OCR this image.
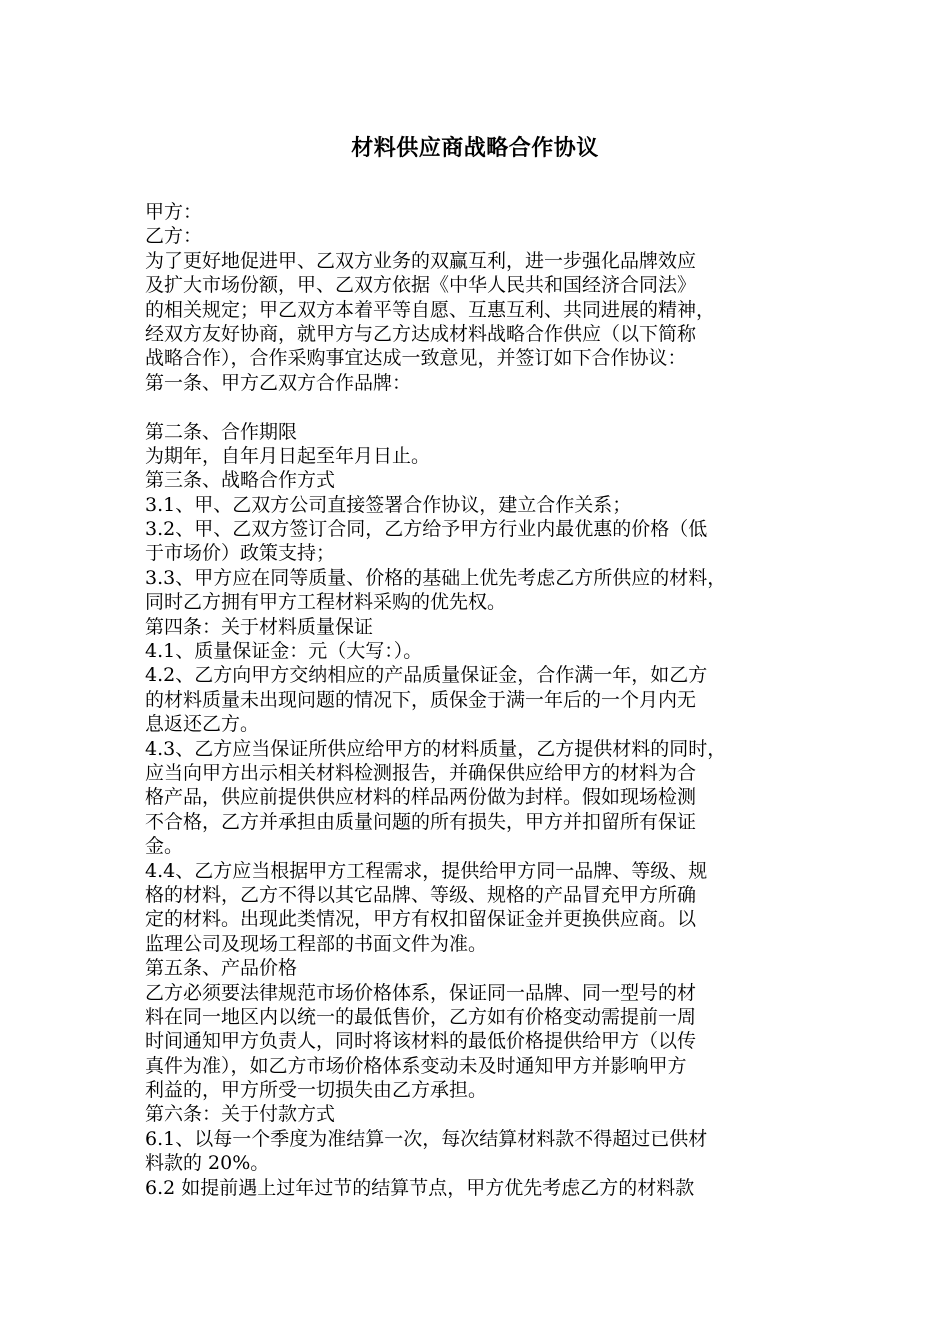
材料供应商战略合作协议
甲方：
乙方：
为了更好地促进甲、乙双方业务的双赢互利，进一步强化品牌效应
及扩大市场份额，甲、乙双方依据《中华人民共和国经济合同法》
的相关规定；甲乙双方本着平等自愿、互惠互利、共同进展的精神，
经双方友好协商，就甲方与乙方达成材料战略合作供应（以下简称
战略合作），合作采购事宜达成一致意见，并签订如下合作协议：
第一条、甲方乙双方合作品牌：
第二条、合作期限
为期年，自年月日起至年月日止。
第三条、战略合作方式
3.1、甲、乙双方公司直接签署合作协议，建立合作关系；
3.2、甲、乙双方签订合同，乙方给予甲方行业内最优惠的价格（低
于市场价）政策支持；
3.3、甲方应在同等质量、价格的基础上优先考虑乙方所供应的材料，
同时乙方拥有甲方工程材料采购的优先权。
第四条：关于材料质量保证
4.1、质量保证金：元（大写：）。
4.2、乙方向甲方交纳相应的产品质量保证金，合作满一年，如乙方
的材料质量未出现问题的情况下，质保金于满一年后的一个月内无
息返还乙方。
4.3、乙方应当保证所供应给甲方的材料质量，乙方提供材料的同时，
应当向甲方出示相关材料检测报告，并确保供应给甲方的材料为合
格产品，供应前提供供应材料的样品两份做为封样。假如现场检测
不合格，乙方并承担由质量问题的所有损失，甲方并扣留所有保证
金。
4.4、乙方应当根据甲方工程需求，提供给甲方同一品牌、等级、规
格的材料，乙方不得以其它品牌、等级、规格的产品冒充甲方所确
定的材料。出现此类情况，甲方有权扣留保证金并更换供应商。以
监理公司及现场工程部的书面文件为准。
第五条、产品价格
乙方必须要法律规范市场价格体系，保证同一品牌、同一型号的材
料在同一地区内以统一的最低售价，乙方如有价格变动需提前一周
时间通知甲方负责人，同时将该材料的最低价格提供给甲方（以传
真件为准），如乙方市场价格体系变动未及时通知甲方并影响甲方
利益的，甲方所受一切损失由乙方承担。
第六条：关于付款方式
6.1、以每一个季度为准结算一次，每次结算材料款不得超过已供材
料款的 20%。
6.2 如提前遇上过年过节的结算节点，甲方优先考虑乙方的材料款
